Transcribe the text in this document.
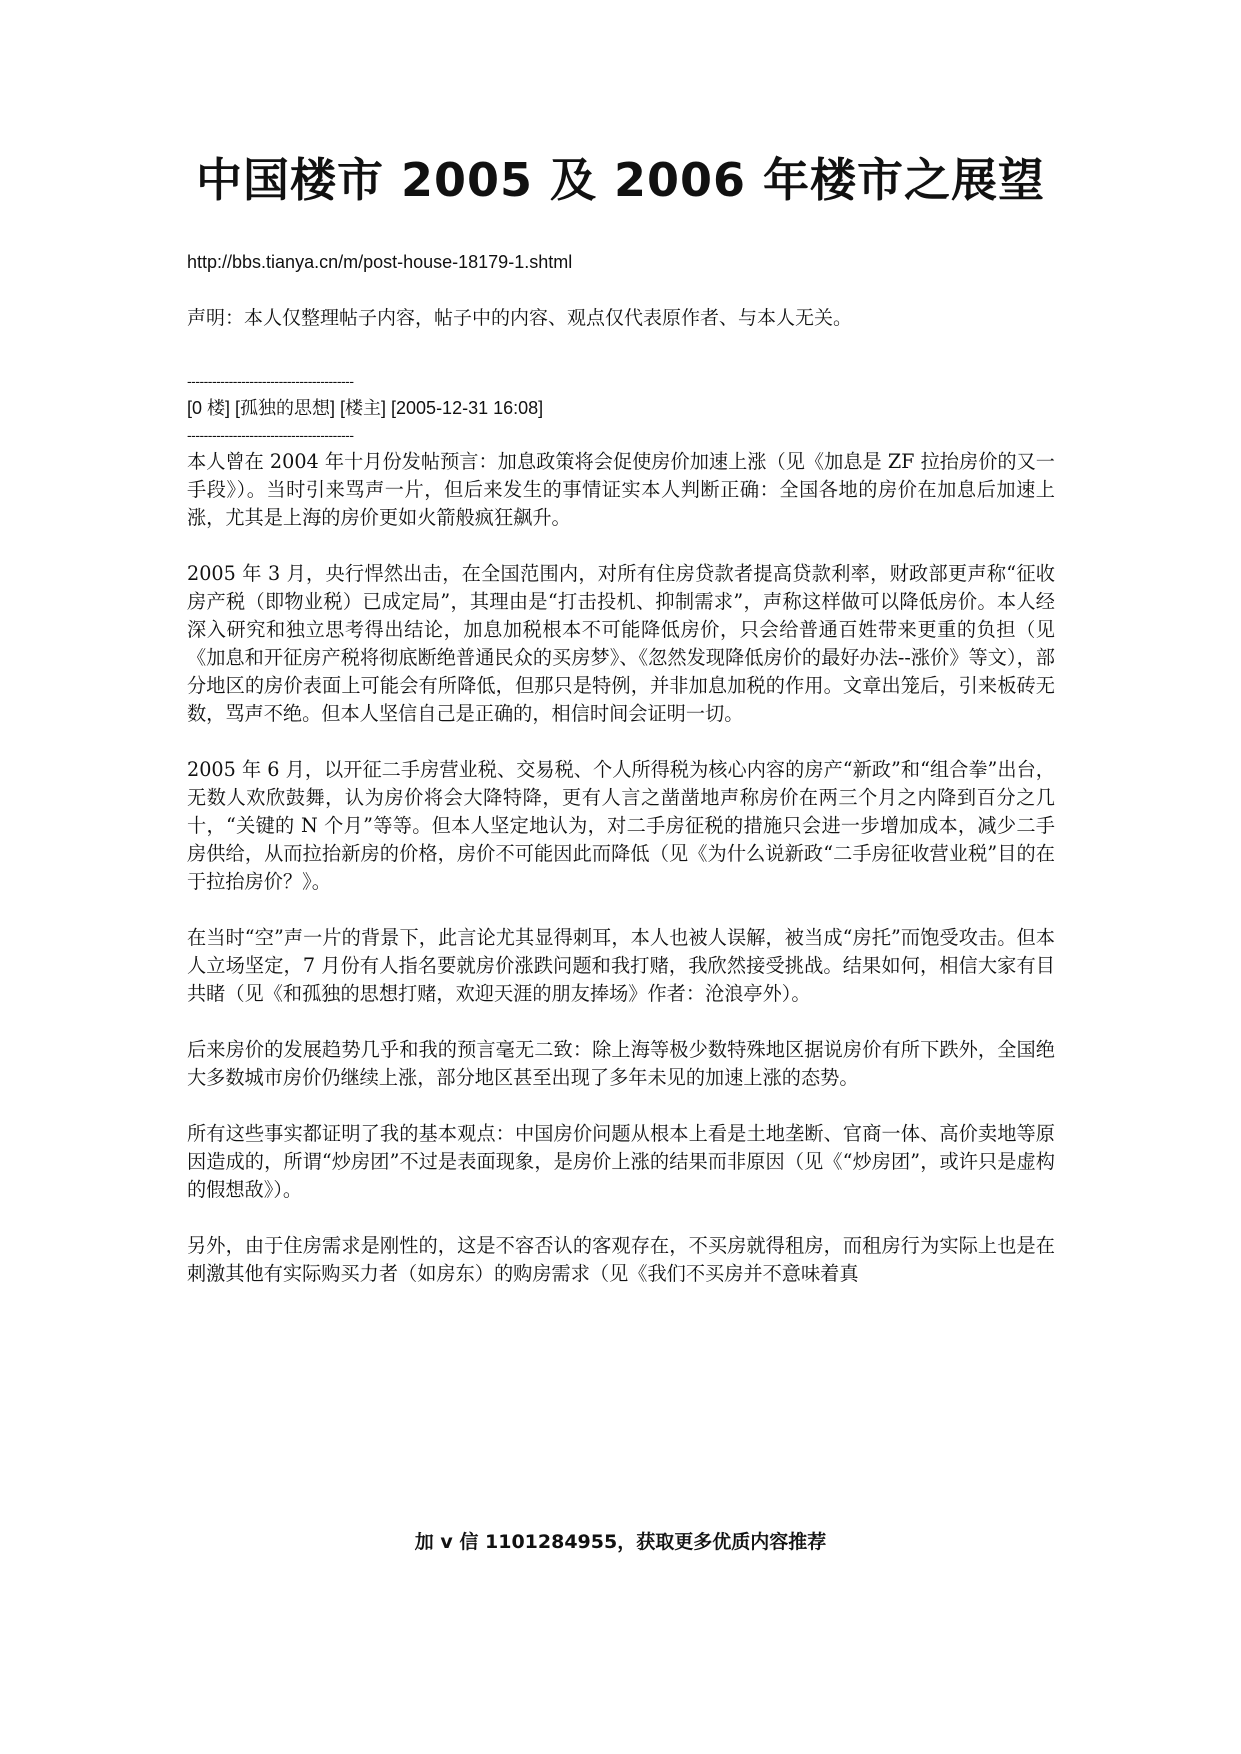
中国楼市 2005 及 2006 年楼市之展望

http://bbs.tianya.cn/m/post-house-18179-1.shtml

声明：本人仅整理帖子内容，帖子中的内容、观点仅代表原作者、与本人无关。

----------------------------------------

[0 楼] [孤独的思想] [楼主] [2005-12-31 16:08]

----------------------------------------

本人曾在 2004 年十月份发帖预言：加息政策将会促使房价加速上涨（见《加息是 ZF 拉抬房价的又一手段》）。当时引来骂声一片，但后来发生的事情证实本人判断正确：全国各地的房价在加息后加速上涨，尤其是上海的房价更如火箭般疯狂飙升。

2005 年 3 月，央行悍然出击，在全国范围内，对所有住房贷款者提高贷款利率，财政部更声称“征收房产税（即物业税）已成定局”，其理由是“打击投机、抑制需求”，声称这样做可以降低房价。本人经深入研究和独立思考得出结论，加息加税根本不可能降低房价，只会给普通百姓带来更重的负担（见《加息和开征房产税将彻底断绝普通民众的买房梦》、《忽然发现降低房价的最好办法--涨价》等文），部分地区的房价表面上可能会有所降低，但那只是特例，并非加息加税的作用。文章出笼后，引来板砖无数，骂声不绝。但本人坚信自己是正确的，相信时间会证明一切。

2005 年 6 月，以开征二手房营业税、交易税、个人所得税为核心内容的房产“新政”和“组合拳”出台，无数人欢欣鼓舞，认为房价将会大降特降，更有人言之凿凿地声称房价在两三个月之内降到百分之几十，“关键的 N 个月”等等。但本人坚定地认为，对二手房征税的措施只会进一步增加成本，减少二手房供给，从而拉抬新房的价格，房价不可能因此而降低（见《为什么说新政“二手房征收营业税”目的在于拉抬房价？》。

在当时“空”声一片的背景下，此言论尤其显得刺耳，本人也被人误解，被当成“房托”而饱受攻击。但本人立场坚定，7 月份有人指名要就房价涨跌问题和我打赌，我欣然接受挑战。结果如何，相信大家有目共睹（见《和孤独的思想打赌，欢迎天涯的朋友捧场》作者：沧浪亭外）。

后来房价的发展趋势几乎和我的预言毫无二致：除上海等极少数特殊地区据说房价有所下跌外，全国绝大多数城市房价仍继续上涨，部分地区甚至出现了多年未见的加速上涨的态势。

所有这些事实都证明了我的基本观点：中国房价问题从根本上看是土地垄断、官商一体、高价卖地等原因造成的，所谓“炒房团”不过是表面现象，是房价上涨的结果而非原因（见《“炒房团”，或许只是虚构的假想敌》）。

另外，由于住房需求是刚性的，这是不容否认的客观存在，不买房就得租房，而租房行为实际上也是在刺激其他有实际购买力者（如房东）的购房需求（见《我们不买房并不意味着真

加 v 信 1101284955，获取更多优质内容推荐
